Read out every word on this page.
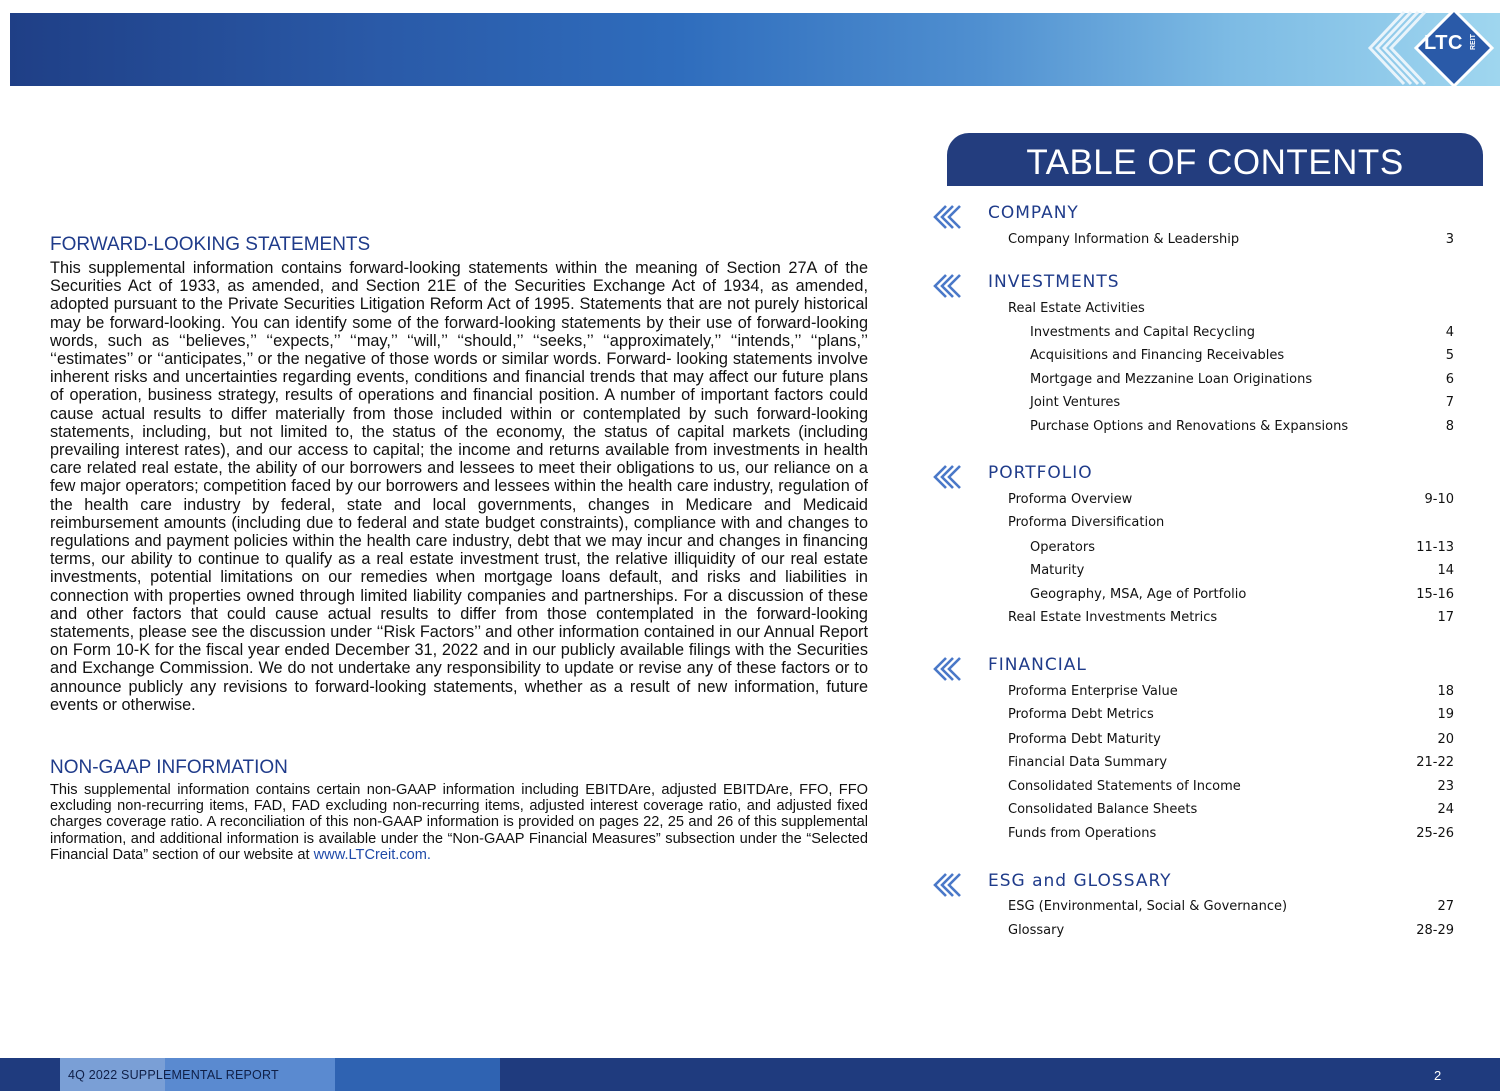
LTC REIT
FORWARD-LOOKING STATEMENTS

This supplemental information contains forward-looking statements within the meaning of Section 27A of the Securities Act of 1933, as amended, and Section 21E of the Securities Exchange Act of 1934, as amended, adopted pursuant to the Private Securities Litigation Reform Act of 1995. Statements that are not purely historical may be forward-looking. You can identify some of the forward-looking statements by their use of forward-looking words, such as ‘‘believes,’’ ‘‘expects,’’ ‘‘may,’’ ‘‘will,’’ ‘‘should,’’ ‘‘seeks,’’ ‘‘approximately,’’ ‘‘intends,’’ ‘‘plans,’’ ‘‘estimates’’ or ‘‘anticipates,’’ or the negative of those words or similar words. Forward- looking statements involve inherent risks and uncertainties regarding events, conditions and financial trends that may affect our future plans of operation, business strategy, results of operations and financial position. A number of important factors could cause actual results to differ materially from those included within or contemplated by such forward-looking statements, including, but not limited to, the status of the economy, the status of capital markets (including prevailing interest rates), and our access to capital; the income and returns available from investments in health care related real estate, the ability of our borrowers and lessees to meet their obligations to us, our reliance on a few major operators; competition faced by our borrowers and lessees within the health care industry, regulation of the health care industry by federal, state and local governments, changes in Medicare and Medicaid reimbursement amounts (including due to federal and state budget constraints), compliance with and changes to regulations and payment policies within the health care industry, debt that we may incur and changes in financing terms, our ability to continue to qualify as a real estate investment trust, the relative illiquidity of our real estate investments, potential limitations on our remedies when mortgage loans default, and risks and liabilities in connection with properties owned through limited liability companies and partnerships. For a discussion of these and other factors that could cause actual results to differ from those contemplated in the forward-looking statements, please see the discussion under ‘‘Risk Factors’’ and other information contained in our Annual Report on Form 10-K for the fiscal year ended December 31, 2022 and in our publicly available filings with the Securities and Exchange Commission. We do not undertake any responsibility to update or revise any of these factors or to announce publicly any revisions to forward-looking statements, whether as a result of new information, future events or otherwise.

NON-GAAP INFORMATION

This supplemental information contains certain non-GAAP information including EBITDAre, adjusted EBITDAre, FFO, FFO excluding non-recurring items, FAD, FAD excluding non-recurring items, adjusted interest coverage ratio, and adjusted fixed charges coverage ratio. A reconciliation of this non-GAAP information is provided on pages 22, 25 and 26 of this supplemental information, and additional information is available under the “Non-GAAP Financial Measures” subsection under the “Selected Financial Data” section of our website at www.LTCreit.com.

TABLE OF CONTENTS
COMPANY
Company Information & Leadership	3
INVESTMENTS
Real Estate Activities
Investments and Capital Recycling	4
Acquisitions and Financing Receivables	5
Mortgage and Mezzanine Loan Originations	6
Joint Ventures	7
Purchase Options and Renovations & Expansions	8
PORTFOLIO
Proforma Overview	9-10
Proforma Diversification
Operators	11-13
Maturity	14
Geography, MSA, Age of Portfolio	15-16
Real Estate Investments Metrics	17
FINANCIAL
Proforma Enterprise Value	18
Proforma Debt Metrics	19
Proforma Debt Maturity	20
Financial Data Summary	21-22
Consolidated Statements of Income	23
Consolidated Balance Sheets	24
Funds from Operations	25-26
ESG and GLOSSARY
ESG (Environmental, Social & Governance)	27
Glossary	28-29
4Q 2022 SUPPLEMENTAL REPORT	2
